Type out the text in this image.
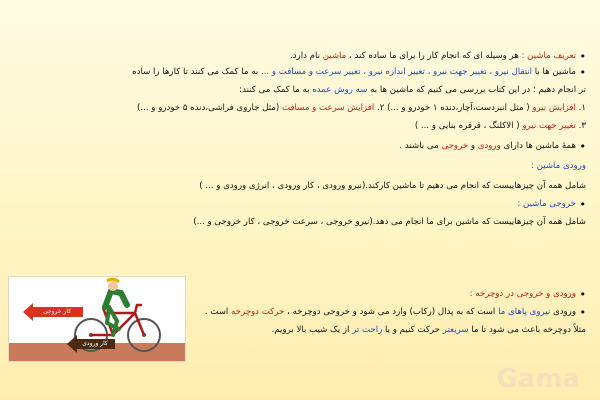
•تعریف ماشین : هر وسیله ای که انجام کار را برای ما ساده کند ، ماشین نام دارد.
•ماشین ها با انتقال نیرو ، تغییر جهت نیرو ، تغییر اندازه نیرو ، تغییر سرعت و مسافت و ... به ما کمک می کنند تا کارها را ساده
تر انجام دهیم ؛ در این کتاب بررسی می کنیم که ماشین ها به سه روش عمده به ما کمک می کنند:
۱. افزایش نیرو ( مثل انبردست،آچار،دنده ۱ خودرو و ...) ۲. افزایش سرعت و مسافت (مثل جاروی فراشی،دنده ۵ خودرو و ...)
۳. تغییر جهت نیرو ( الاکلنگ ، قرقره بنایی و ... )
•همهٔ ماشین ها دارای ورودی و خروجی می باشند .
ورودی ماشین :
شامل همه آن چیزهاییست که انجام می دهیم تا ماشین کارکند.(نیرو ورودی ، کار ورودی ، انرژی ورودی و ... )
•خروجی ماشین :
شامل همه آن چیزهاییست که ماشین برای ما انجام می دهد.(نیرو خروجی ، سرعت خروجی ، کار خروجی و ...)
•ورودی و خروجی در دوچرخه :
•ورودی نیروی پاهای ما است که به پدال (رکاب) وارد می شود و خروجی دوچرخه ، حرکت دوچرخه است .
مثلاً دوچرخه باعث می شود تا ما سریعتر حرکت کنیم و یا راحت تر از یک شیب بالا برویم.
کار خروجی
کار ورودی
Gama
